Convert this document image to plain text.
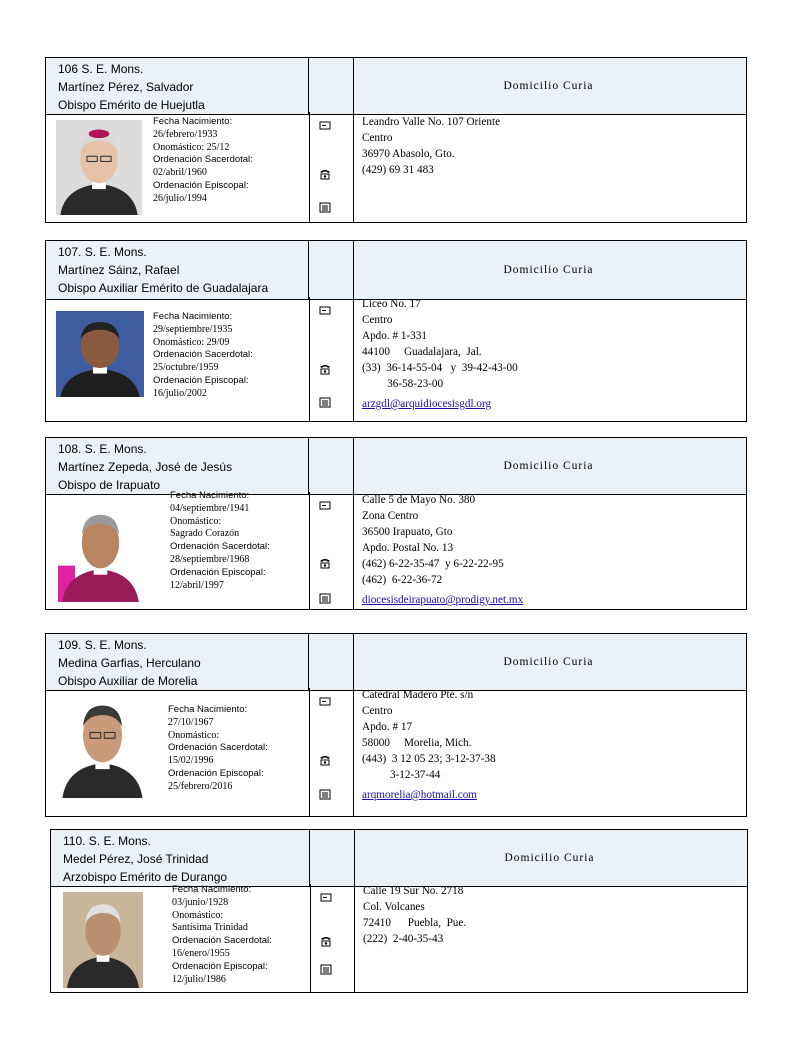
106 S. E. Mons.
Martínez Pérez, Salvador
Obispo Emérito de Huejutla
Domicilio Curia
Fecha Nacimiento:
26/febrero/1933
Onomástico: 25/12
Ordenación Sacerdotal:
02/abril/1960
Ordenación Episcopal:
26/julio/1994
Leandro Valle No. 107 Oriente
Centro
36970 Abasolo, Gto.
(429) 69 31 483
107. S. E. Mons.
Martínez Sáinz, Rafael
Obispo Auxiliar Emérito de Guadalajara
Domicilio Curia
Fecha Nacimiento:
29/septiembre/1935
Onomástico: 29/09
Ordenación Sacerdotal:
25/octubre/1959
Ordenación Episcopal:
16/julio/2002
Liceo No. 17
Centro
Apdo. # 1-331
44100     Guadalajara,  Jal.
(33)  36-14-55-04   y  39-42-43-00
36-58-23-00
arzgdl@arquidiocesisgdl.org
108. S. E. Mons.
Martínez Zepeda, José de Jesús
Obispo de Irapuato
Domicilio Curia
Fecha Nacimiento:
04/septiembre/1941
Onomástico:
Sagrado Corazón
Ordenación Sacerdotal:
28/septiembre/1968
Ordenación Episcopal:
12/abril/1997
Calle 5 de Mayo No. 380
Zona Centro
36500 Irapuato, Gto
Apdo. Postal No. 13
(462) 6-22-35-47  y 6-22-22-95
(462)  6-22-36-72
diocesisdeirapuato@prodigy.net.mx
109. S. E. Mons.
Medina Garfias, Herculano
Obispo Auxiliar de Morelia
Domicilio Curia
Fecha Nacimiento:
27/10/1967
Onomástico:
Ordenación Sacerdotal:
15/02/1996
Ordenación Episcopal:
25/febrero/2016
Catedral Madero Pte. s/n
Centro
Apdo. # 17
58000     Morelia, Mich.
(443)  3 12 05 23; 3-12-37-38
3-12-37-44
arqmorelia@hotmail.com
110. S. E. Mons.
Medel Pérez, José Trinidad
Arzobispo Emérito de Durango
Domicilio Curia
Fecha Nacimiento:
03/junio/1928
Onomástico:
Santísima Trinidad
Ordenación Sacerdotal:
16/enero/1955
Ordenación Episcopal:
12/julio/1986
Calle 19 Sur No. 2718
Col. Volcanes
72410      Puebla,  Pue.
(222)  2-40-35-43
